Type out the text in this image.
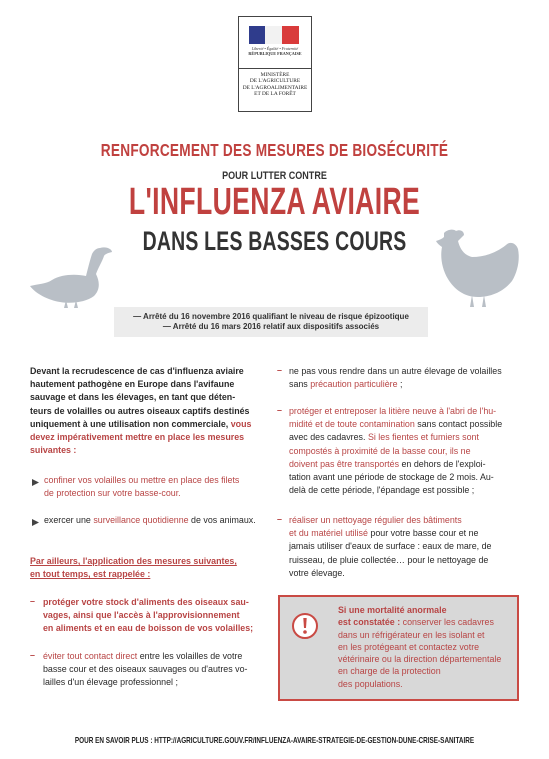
Liberté • Égalité • Fraternité
RÉPUBLIQUE FRANÇAISE
MINISTÈRE
DE L'AGRICULTURE
DE L'AGROALIMENTAIRE
ET DE LA FORÊT
RENFORCEMENT DES MESURES DE BIOSÉCURITÉ
POUR LUTTER CONTRE
L'INFLUENZA AVIAIRE
DANS LES BASSES COURS
— Arrêté du 16 novembre 2016 qualifiant le niveau de risque épizootique
— Arrêté du 16 mars 2016 relatif aux dispositifs associés
Devant la recrudescence de cas d'influenza aviaire
hautement pathogène en Europe dans l'avifaune
sauvage et dans les élevages, en tant que déten-
teurs de volailles ou autres oiseaux captifs destinés
uniquement à une utilisation non commerciale, vous
devez impérativement mettre en place les mesures
suivantes :
confiner vos volailles ou mettre en place des filets
de protection sur votre basse-cour.
exercer une surveillance quotidienne de vos animaux.
Par ailleurs, l'application des mesures suivantes,
en tout temps, est rappelée :
– protéger votre stock d'aliments des oiseaux sau-
vages, ainsi que l'accès à l'approvisionnement
en aliments et en eau de boisson de vos volailles;
– éviter tout contact direct entre les volailles de votre
basse cour et des oiseaux sauvages ou d'autres vo-
lailles d'un élevage professionnel ;
– ne pas vous rendre dans un autre élevage de volailles
sans précaution particulière ;
– protéger et entreposer la litière neuve à l'abri de l'hu-
midité et de toute contamination sans contact possible
avec des cadavres. Si les fientes et fumiers sont
compostés à proximité de la basse cour, ils ne
doivent pas être transportés en dehors de l'exploi-
tation avant une période de stockage de 2 mois. Au-
delà de cette période, l'épandage est possible ;
– réaliser un nettoyage régulier des bâtiments
et du matériel utilisé pour votre basse cour et ne
jamais utiliser d'eaux de surface : eaux de mare, de
ruisseau, de pluie collectée… pour le nettoyage de
votre élevage.
Si une mortalité anormale
est constatée : conserver les cadavres
dans un réfrigérateur en les isolant et
en les protégeant et contactez votre
vétérinaire ou la direction départementale
en charge de la protection
des populations.
POUR EN SAVOIR PLUS : HTTP://AGRICULTURE.GOUV.FR/INFLUENZA-AVAIRE-STRATEGIE-DE-GESTION-DUNE-CRISE-SANITAIRE
